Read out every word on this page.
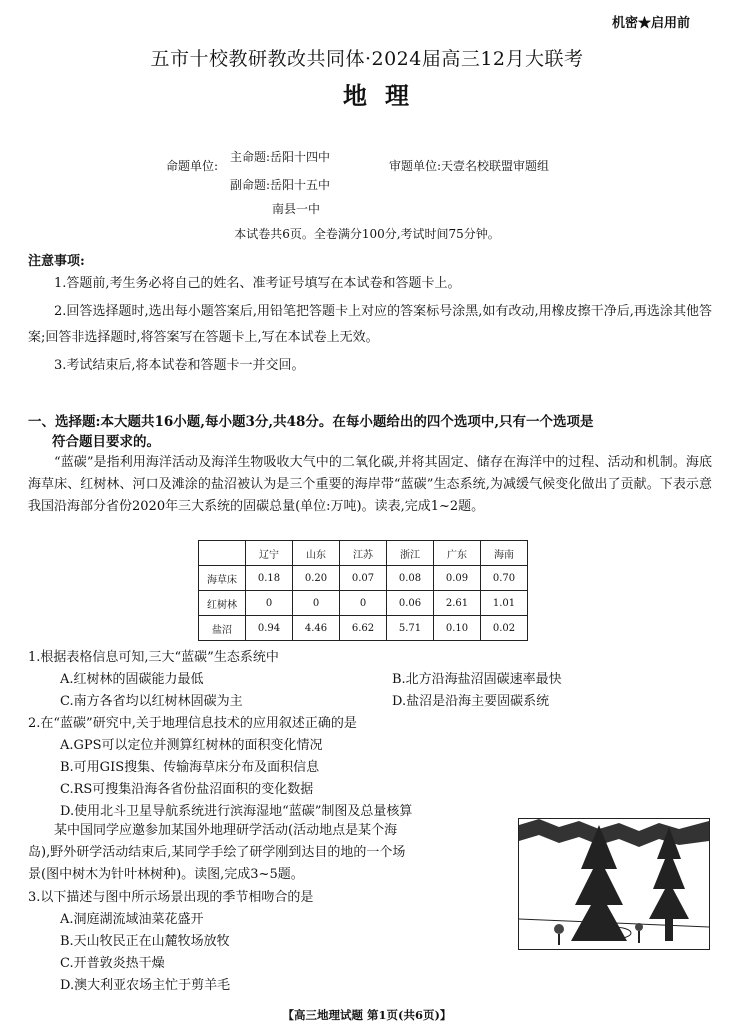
机密★启用前
五市十校教研教改共同体·2024届高三12月大联考
地理
命题单位:
主命题:岳阳十四中
副命题:岳阳十五中
审题单位:天壹名校联盟审题组
南县一中
本试卷共6页。全卷满分100分,考试时间75分钟。
注意事项:
1.答题前,考生务必将自己的姓名、准考证号填写在本试卷和答题卡上。
2.回答选择题时,选出每小题答案后,用铅笔把答题卡上对应的答案标号涂黑,如有改动,用橡皮擦干净后,再选涂其他答案;回答非选择题时,将答案写在答题卡上,写在本试卷上无效。
3.考试结束后,将本试卷和答题卡一并交回。
一、选择题:本大题共16小题,每小题3分,共48分。在每小题给出的四个选项中,只有一个选项是
符合题目要求的。
“蓝碳”是指利用海洋活动及海洋生物吸收大气中的二氧化碳,并将其固定、储存在海洋中的过程、活动和机制。海底海草床、红树林、河口及滩涂的盐沼被认为是三个重要的海岸带“蓝碳”生态系统,为减缓气候变化做出了贡献。下表示意我国沿海部分省份2020年三大系统的固碳总量(单位:万吨)。读表,完成1~2题。
	辽宁	山东	江苏	浙江	广东	海南
海草床	0.18	0.20	0.07	0.08	0.09	0.70
红树林	0	0	0	0.06	2.61	1.01
盐沼	0.94	4.46	6.62	5.71	0.10	0.02
1.根据表格信息可知,三大“蓝碳”生态系统中
A.红树林的固碳能力最低	B.北方沿海盐沼固碳速率最快
C.南方各省均以红树林固碳为主	D.盐沼是沿海主要固碳系统
2.在“蓝碳”研究中,关于地理信息技术的应用叙述正确的是
A.GPS可以定位并测算红树林的面积变化情况
B.可用GIS搜集、传输海草床分布及面积信息
C.RS可搜集沿海各省份盐沼面积的变化数据
D.使用北斗卫星导航系统进行滨海湿地“蓝碳”制图及总量核算
某中国同学应邀参加某国外地理研学活动(活动地点是某个海
岛),野外研学活动结束后,某同学手绘了研学刚到达目的地的一个场
景(图中树木为针叶林树种)。读图,完成3~5题。
3.以下描述与图中所示场景出现的季节相吻合的是
A.洞庭湖流域油菜花盛开
B.天山牧民正在山麓牧场放牧
C.开普敦炎热干燥
D.澳大利亚农场主忙于剪羊毛
【高三地理试题 第1页(共6页)】
